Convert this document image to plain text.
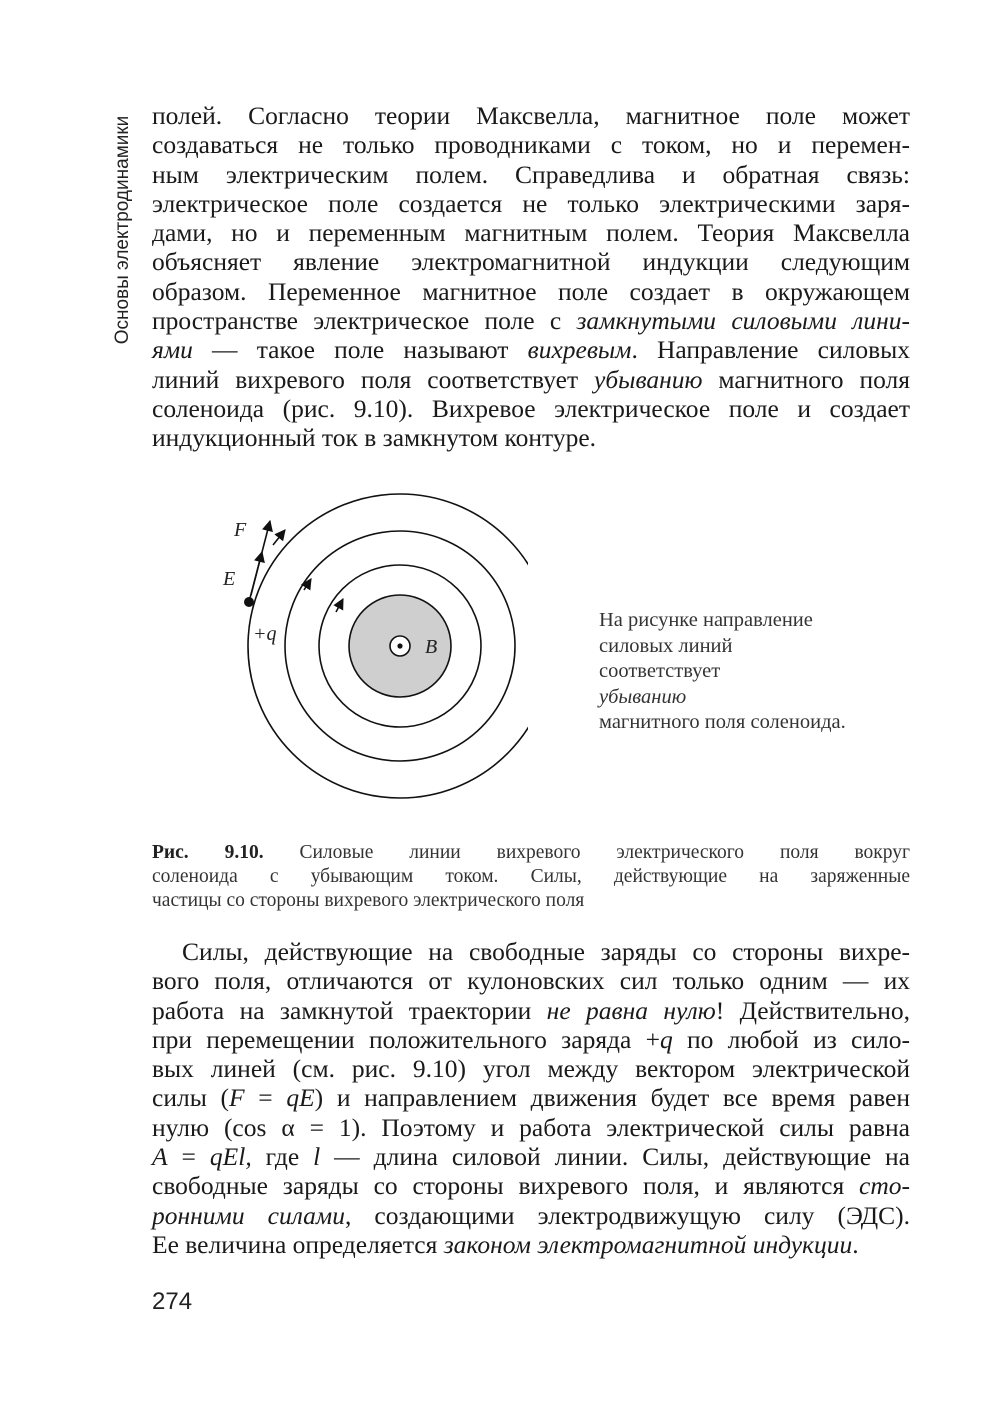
Основы электродинамики

полей. Согласно теории Максвелла, магнитное поле может
создаваться не только проводниками с током, но и перемен-
ным электрическим полем. Справедлива и обратная связь:
электрическое поле создается не только электрическими заря-
дами, но и переменным магнитным полем. Теория Максвелла
объясняет явление электромагнитной индукции следующим
образом. Переменное магнитное поле создает в окружающем
пространстве электрическое поле с замкнутыми силовыми лини-
ями — такое поле называют вихревым. Направление силовых
линий вихревого поля соответствует убыванию магнитного поля
соленоида (рис. 9.10). Вихревое электрическое поле и создает
индукционный ток в замкнутом контуре.

F
E
+q
B
На рисунке направление
силовых линий
соответствует
убыванию
магнитного поля соленоида.
Рис. 9.10. Силовые линии вихревого электрического поля вокруг
соленоида с убывающим током. Силы, действующие на заряженные
частицы со стороны вихревого электрического поля

Силы, действующие на свободные заряды со стороны вихре-
вого поля, отличаются от кулоновских сил только одним — их
работа на замкнутой траектории не равна нулю! Действительно,
при перемещении положительного заряда +q по любой из сило-
вых линей (см. рис. 9.10) угол между вектором электрической
силы (F = qE) и направлением движения будет все время равен
нулю (cos α = 1). Поэтому и работа электрической силы равна
A = qEl, где l — длина силовой линии. Силы, действующие на
свободные заряды со стороны вихревого поля, и являются сто-
ронними силами, создающими электродвижущую силу (ЭДС).
Ее величина определяется законом электромагнитной индукции.

274
